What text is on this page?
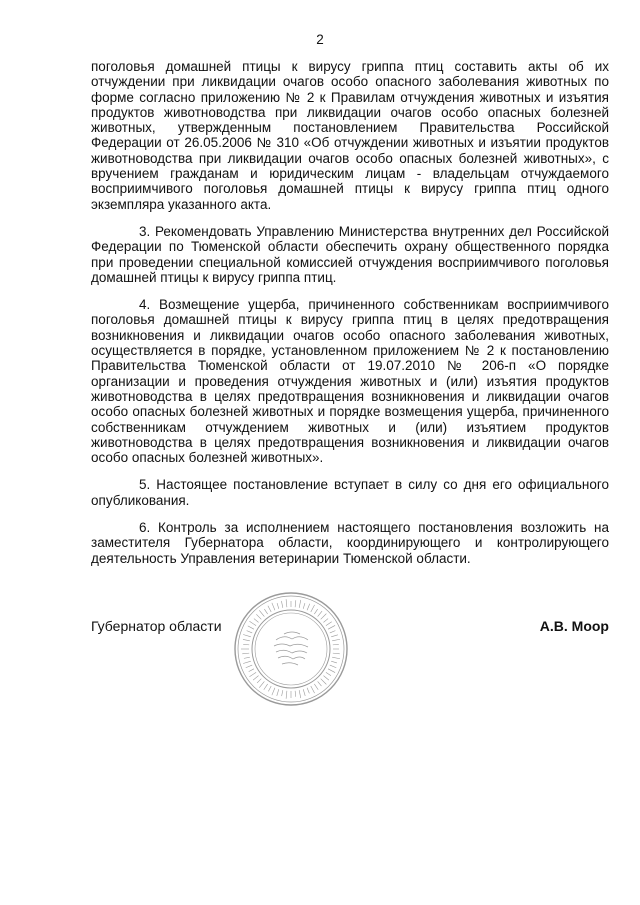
2

поголовья домашней птицы к вирусу гриппа птиц составить акты об их отчуждении при ликвидации очагов особо опасного заболевания животных по форме согласно приложению № 2 к Правилам отчуждения животных и изъятия продуктов животноводства при ликвидации очагов особо опасных болезней животных, утвержденным постановлением Правительства Российской Федерации от 26.05.2006 № 310 «Об отчуждении животных и изъятии продуктов животноводства при ликвидации очагов особо опасных болезней животных», с вручением гражданам и юридическим лицам - владельцам отчуждаемого восприимчивого поголовья домашней птицы к вирусу гриппа птиц одного экземпляра указанного акта.

3. Рекомендовать Управлению Министерства внутренних дел Российской Федерации по Тюменской области обеспечить охрану общественного порядка при проведении специальной комиссией отчуждения восприимчивого поголовья домашней птицы к вирусу гриппа птиц.

4. Возмещение ущерба, причиненного собственникам восприимчивого поголовья домашней птицы к вирусу гриппа птиц в целях предотвращения возникновения и ликвидации очагов особо опасного заболевания животных, осуществляется в порядке, установленном приложением № 2 к постановлению Правительства Тюменской области от 19.07.2010 № 206-п «О порядке организации и проведения отчуждения животных и (или) изъятия продуктов животноводства в целях предотвращения возникновения и ликвидации очагов особо опасных болезней животных и порядке возмещения ущерба, причиненного собственникам отчуждением животных и (или) изъятием продуктов животноводства в целях предотвращения возникновения и ликвидации очагов особо опасных болезней животных».

5. Настоящее постановление вступает в силу со дня его официального опубликования.

6. Контроль за исполнением настоящего постановления возложить на заместителя Губернатора области, координирующего и контролирующего деятельность Управления ветеринарии Тюменской области.

Губернатор области	А.В. Моор
